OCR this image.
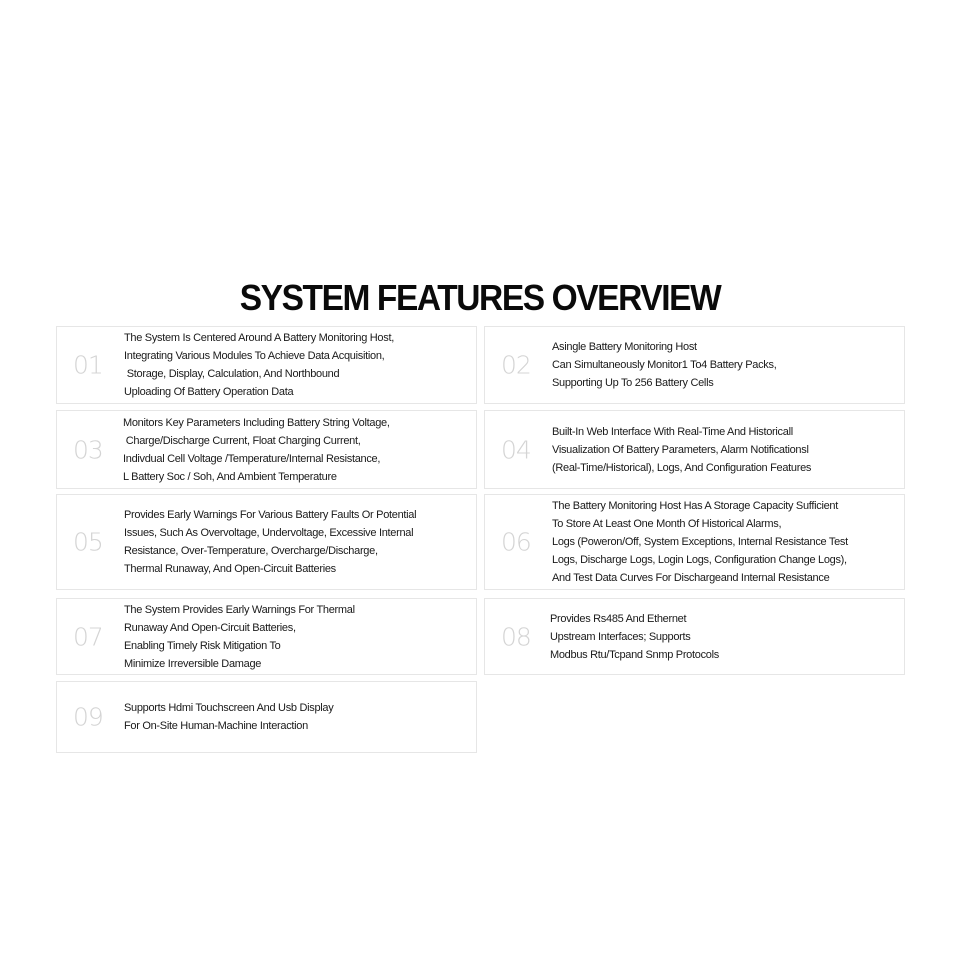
SYSTEM FEATURES OVERVIEW
01
The System Is Centered Around A Battery Monitoring Host,
Integrating Various Modules To Achieve Data Acquisition,
Storage, Display, Calculation, And Northbound
Uploading Of Battery Operation Data
02
Asingle Battery Monitoring Host
Can Simultaneously Monitor1 To4 Battery Packs,
Supporting Up To 256 Battery Cells
03
Monitors Key Parameters Including Battery String Voltage,
Charge/Discharge Current, Float Charging Current,
Indivdual Cell Voltage /Temperature/Internal Resistance,
L Battery Soc / Soh, And Ambient Temperature
04
Built-In Web Interface With Real-Time And Historicall
Visualization Of Battery Parameters, Alarm Notificationsl
(Real-Time/Historical), Logs, And Configuration Features
05
Provides Early Warnings For Various Battery Faults Or Potential
Issues, Such As Overvoltage, Undervoltage, Excessive Internal
Resistance, Over-Temperature, Overcharge/Discharge,
Thermal Runaway, And Open-Circuit Batteries
06
The Battery Monitoring Host Has A Storage Capacity Sufficient
To Store At Least One Month Of Historical Alarms,
Logs (Poweron/Off, System Exceptions, Internal Resistance Test
Logs, Discharge Logs, Login Logs, Configuration Change Logs),
And Test Data Curves For Dischargeand Internal Resistance
07
The System Provides Early Warnings For Thermal
Runaway And Open-Circuit Batteries,
Enabling Timely Risk Mitigation To
Minimize Irreversible Damage
08
Provides Rs485 And Ethernet
Upstream Interfaces; Supports
Modbus Rtu/Tcpand Snmp Protocols
09	Supports Hdmi Touchscreen And Usb Display
For On-Site Human-Machine Interaction
